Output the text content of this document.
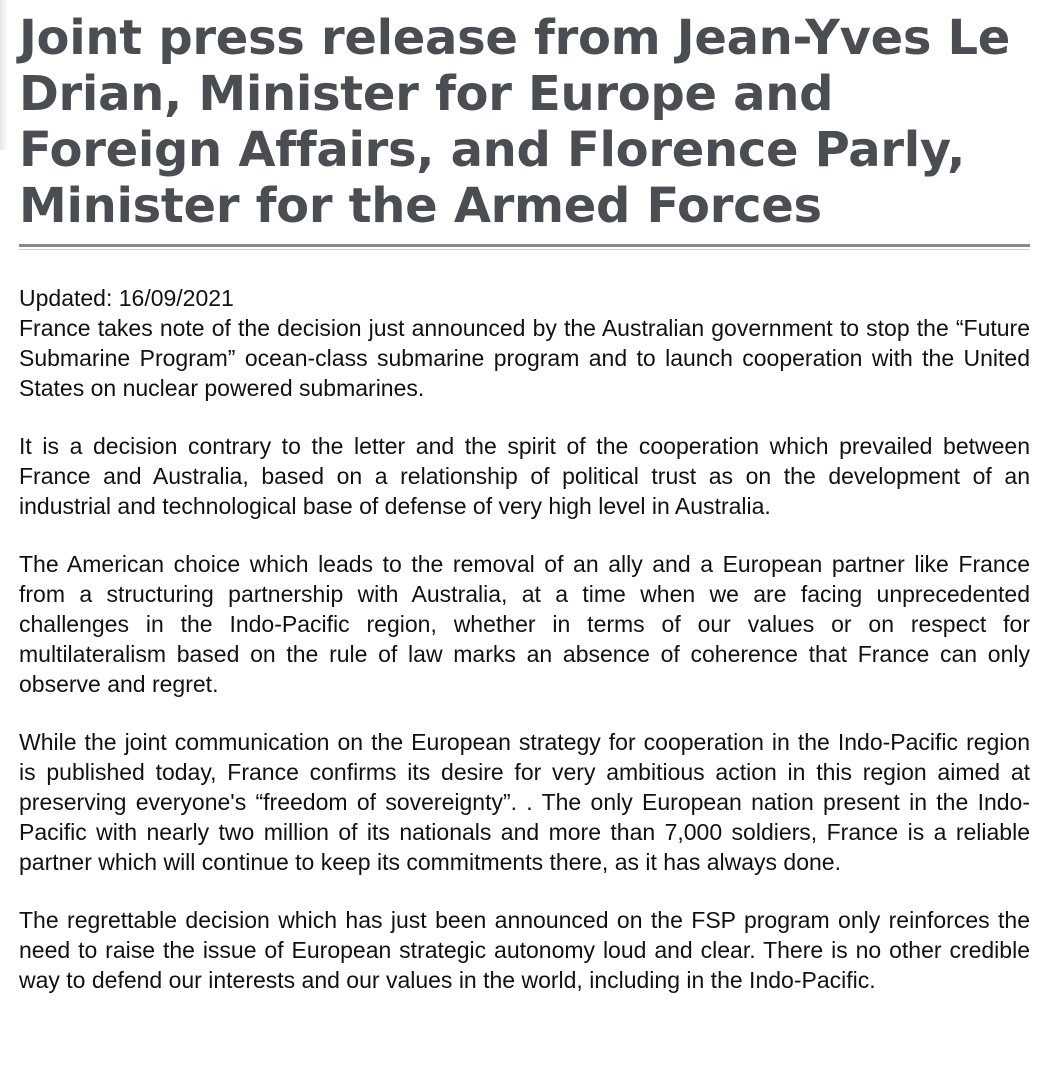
Joint press release from Jean-Yves Le Drian, Minister for Europe and Foreign Affairs, and Florence Parly, Minister for the Armed Forces
Updated: 16/09/2021

France takes note of the decision just announced by the Australian government to stop the “Future Submarine Program” ocean-class submarine program and to launch cooperation with the United States on nuclear powered submarines.

It is a decision contrary to the letter and the spirit of the cooperation which prevailed between France and Australia, based on a relationship of political trust as on the development of an industrial and technological base of defense of very high level in Australia.

The American choice which leads to the removal of an ally and a European partner like France from a structuring partnership with Australia, at a time when we are facing unprecedented challenges in the Indo-Pacific region, whether in terms of our values or on respect for multilateralism based on the rule of law marks an absence of coherence that France can only observe and regret.

While the joint communication on the European strategy for cooperation in the Indo-Pacific region is published today, France confirms its desire for very ambitious action in this region aimed at preserving everyone's “freedom of sovereignty”. . The only European nation present in the Indo-Pacific with nearly two million of its nationals and more than 7,000 soldiers, France is a reliable partner which will continue to keep its commitments there, as it has always done.

The regrettable decision which has just been announced on the FSP program only reinforces the need to raise the issue of European strategic autonomy loud and clear. There is no other credible way to defend our interests and our values in the world, including in the Indo-Pacific.
